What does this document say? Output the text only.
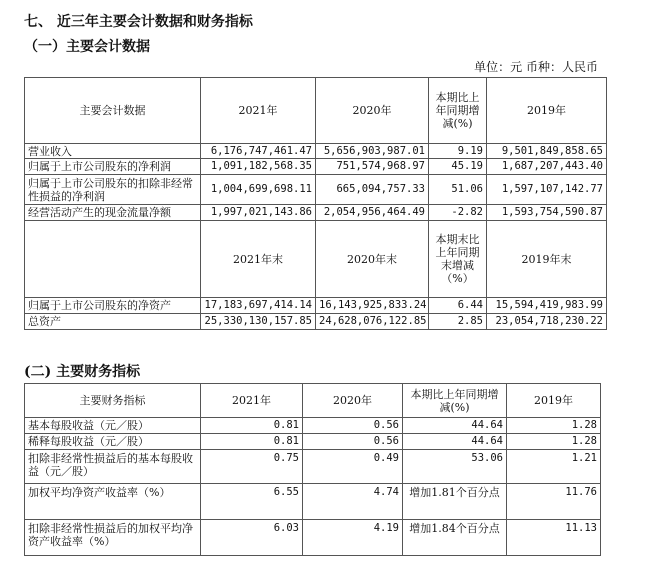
七、 近三年主要会计数据和财务指标
（一）主要会计数据
单位：元 币种：人民币
主要会计数据	2021年	2020年	本期比上年同期增减(%)	2019年
营业收入	6,176,747,461.47	5,656,903,987.01	9.19	9,501,849,858.65
归属于上市公司股东的净利润	1,091,182,568.35	751,574,968.97	45.19	1,687,207,443.40
归属于上市公司股东的扣除非经常性损益的净利润	1,004,699,698.11	665,094,757.33	51.06	1,597,107,142.77
经营活动产生的现金流量净额	1,997,021,143.86	2,054,956,464.49	-2.82	1,593,754,590.87
	2021年末	2020年末	本期末比上年同期末增减（%）	2019年末
归属于上市公司股东的净资产	17,183,697,414.14	16,143,925,833.24	6.44	15,594,419,983.99
总资产	25,330,130,157.85	24,628,076,122.85	2.85	23,054,718,230.22
(二) 主要财务指标
主要财务指标	2021年	2020年	本期比上年同期增减(%)	2019年
基本每股收益（元／股）	0.81	0.56	44.64	1.28
稀释每股收益（元／股）	0.81	0.56	44.64	1.28
扣除非经常性损益后的基本每股收益（元／股）	0.75	0.49	53.06	1.21
加权平均净资产收益率（%）	6.55	4.74	增加1.81个百分点	11.76
扣除非经常性损益后的加权平均净资产收益率（%）	6.03	4.19	增加1.84个百分点	11.13
